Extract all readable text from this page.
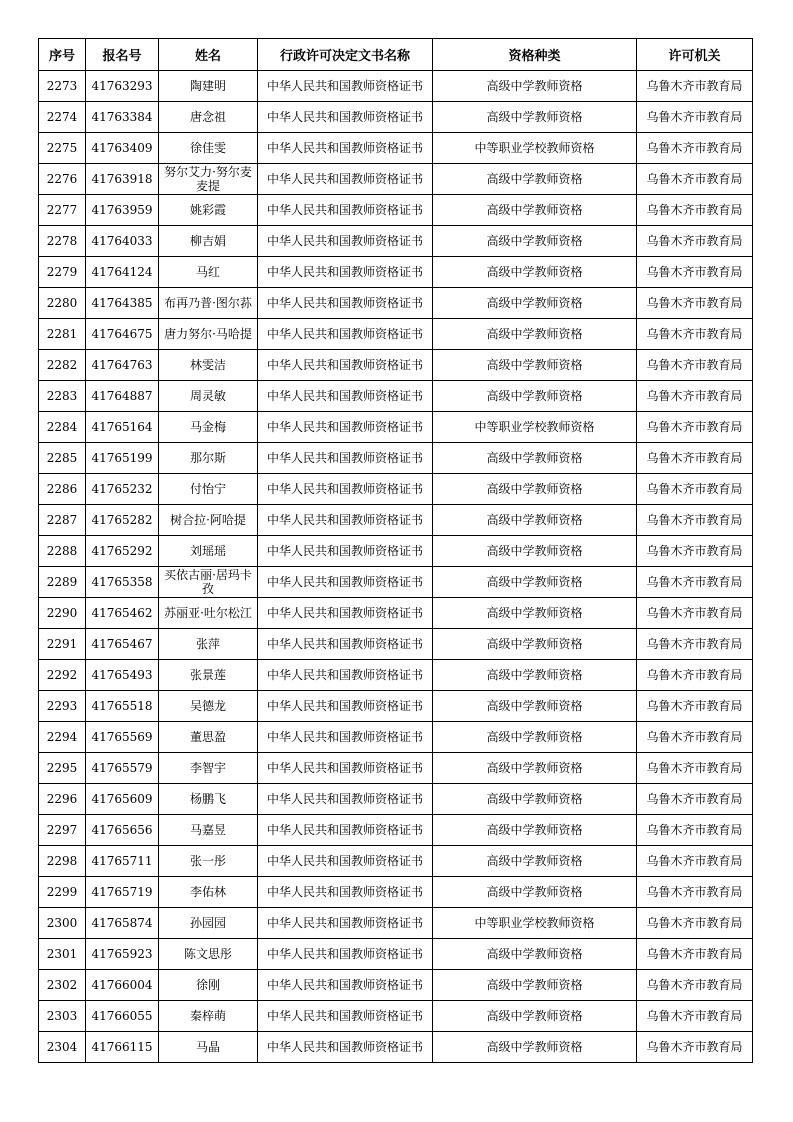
序号	报名号	姓名	行政许可决定文书名称	资格种类	许可机关
2273	41763293	陶建明	中华人民共和国教师资格证书	高级中学教师资格	乌鲁木齐市教育局
2274	41763384	唐念祖	中华人民共和国教师资格证书	高级中学教师资格	乌鲁木齐市教育局
2275	41763409	徐佳雯	中华人民共和国教师资格证书	中等职业学校教师资格	乌鲁木齐市教育局
2276	41763918	努尔艾力·努尔麦麦提	中华人民共和国教师资格证书	高级中学教师资格	乌鲁木齐市教育局
2277	41763959	姚彩霞	中华人民共和国教师资格证书	高级中学教师资格	乌鲁木齐市教育局
2278	41764033	柳吉娟	中华人民共和国教师资格证书	高级中学教师资格	乌鲁木齐市教育局
2279	41764124	马红	中华人民共和国教师资格证书	高级中学教师资格	乌鲁木齐市教育局
2280	41764385	布再乃普·图尔荪	中华人民共和国教师资格证书	高级中学教师资格	乌鲁木齐市教育局
2281	41764675	唐力努尔·马哈提	中华人民共和国教师资格证书	高级中学教师资格	乌鲁木齐市教育局
2282	41764763	林雯洁	中华人民共和国教师资格证书	高级中学教师资格	乌鲁木齐市教育局
2283	41764887	周灵敏	中华人民共和国教师资格证书	高级中学教师资格	乌鲁木齐市教育局
2284	41765164	马金梅	中华人民共和国教师资格证书	中等职业学校教师资格	乌鲁木齐市教育局
2285	41765199	那尔斯	中华人民共和国教师资格证书	高级中学教师资格	乌鲁木齐市教育局
2286	41765232	付怡宁	中华人民共和国教师资格证书	高级中学教师资格	乌鲁木齐市教育局
2287	41765282	树合拉·阿哈提	中华人民共和国教师资格证书	高级中学教师资格	乌鲁木齐市教育局
2288	41765292	刘瑶瑶	中华人民共和国教师资格证书	高级中学教师资格	乌鲁木齐市教育局
2289	41765358	买依古丽·居玛卡孜	中华人民共和国教师资格证书	高级中学教师资格	乌鲁木齐市教育局
2290	41765462	苏丽亚·吐尔松江	中华人民共和国教师资格证书	高级中学教师资格	乌鲁木齐市教育局
2291	41765467	张萍	中华人民共和国教师资格证书	高级中学教师资格	乌鲁木齐市教育局
2292	41765493	张景莲	中华人民共和国教师资格证书	高级中学教师资格	乌鲁木齐市教育局
2293	41765518	吴德龙	中华人民共和国教师资格证书	高级中学教师资格	乌鲁木齐市教育局
2294	41765569	董思盈	中华人民共和国教师资格证书	高级中学教师资格	乌鲁木齐市教育局
2295	41765579	李智宇	中华人民共和国教师资格证书	高级中学教师资格	乌鲁木齐市教育局
2296	41765609	杨鹏飞	中华人民共和国教师资格证书	高级中学教师资格	乌鲁木齐市教育局
2297	41765656	马嘉昱	中华人民共和国教师资格证书	高级中学教师资格	乌鲁木齐市教育局
2298	41765711	张一彤	中华人民共和国教师资格证书	高级中学教师资格	乌鲁木齐市教育局
2299	41765719	李佑林	中华人民共和国教师资格证书	高级中学教师资格	乌鲁木齐市教育局
2300	41765874	孙园园	中华人民共和国教师资格证书	中等职业学校教师资格	乌鲁木齐市教育局
2301	41765923	陈文思彤	中华人民共和国教师资格证书	高级中学教师资格	乌鲁木齐市教育局
2302	41766004	徐刚	中华人民共和国教师资格证书	高级中学教师资格	乌鲁木齐市教育局
2303	41766055	秦梓萌	中华人民共和国教师资格证书	高级中学教师资格	乌鲁木齐市教育局
2304	41766115	马晶	中华人民共和国教师资格证书	高级中学教师资格	乌鲁木齐市教育局
